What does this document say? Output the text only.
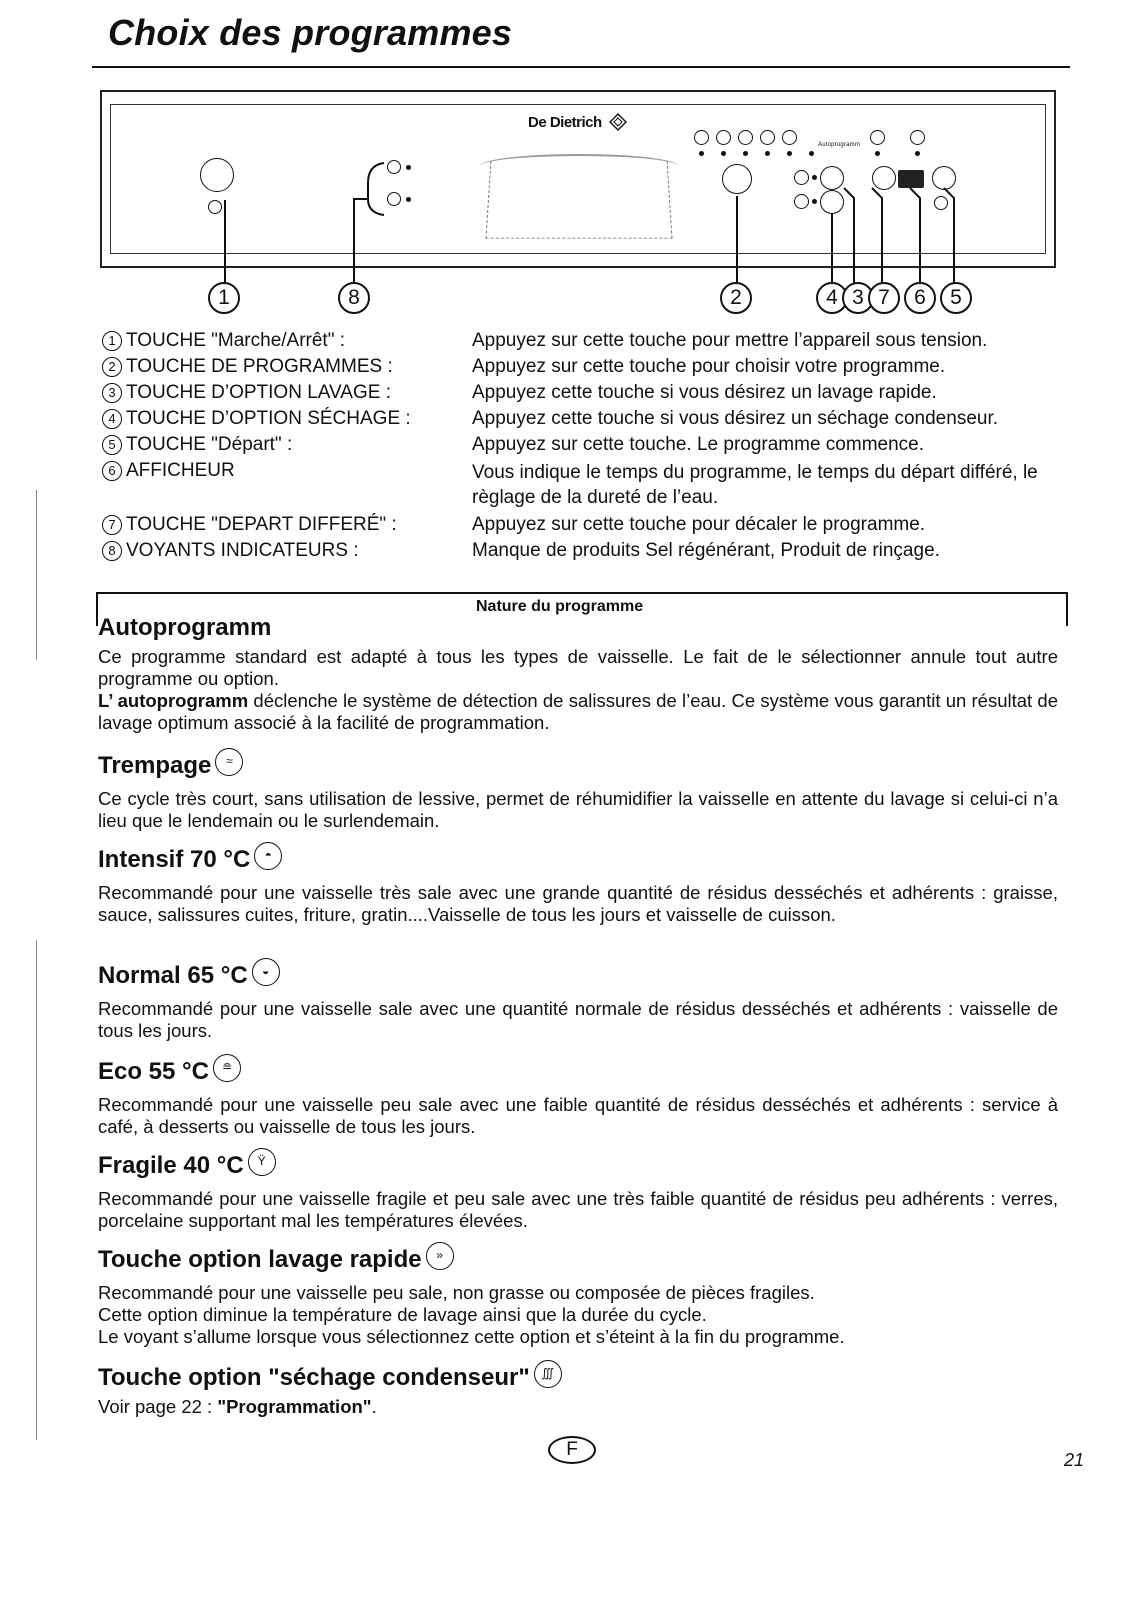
Choix des programmes
De Dietrich
Autoprogramm
1	8	2	4 3 7	6	5
1 TOUCHE "Marche/Arrêt" :	Appuyez sur cette touche pour mettre l’appareil sous tension.
2 TOUCHE DE PROGRAMMES :	Appuyez sur cette touche pour choisir votre programme.
3 TOUCHE D’OPTION LAVAGE :	Appuyez cette touche si vous désirez un lavage rapide.
4 TOUCHE D’OPTION SÉCHAGE :	Appuyez cette touche si vous désirez un séchage condenseur.
5 TOUCHE "Départ" :	Appuyez sur cette touche. Le programme commence.
6 AFFICHEUR	Vous indique le temps du programme, le temps du départ différé, le règlage de la dureté de l’eau.
7 TOUCHE "DEPART DIFFERÉ" :	Appuyez sur cette touche pour décaler le programme.
8 VOYANTS INDICATEURS :	Manque de produits Sel régénérant, Produit de rinçage.
Nature du programme
Autoprogramm
Ce programme standard est adapté à tous les types de vaisselle. Le fait de le sélectionner annule tout autre programme ou option.
L’ autoprogramm déclenche le système de détection de salissures de l’eau. Ce système vous garantit un résultat de lavage optimum associé à la facilité de programmation.
Trempage ≈
Ce cycle très court, sans utilisation de lessive, permet de réhumidifier la vaisselle en attente du lavage si celui-ci n’a lieu que le lendemain ou le surlendemain.
Intensif 70 °C ◓
Recommandé pour une vaisselle très sale avec une grande quantité de résidus desséchés et adhérents : graisse, sauce, salissures cuites, friture, gratin....Vaisselle de tous les jours et vaisselle de cuisson.
Normal 65 °C ◒
Recommandé pour une vaisselle sale avec une quantité normale de résidus desséchés et adhérents : vaisselle de tous les jours.
Eco 55 °C ≘
Recommandé pour une vaisselle peu sale avec une faible quantité de résidus desséchés et adhérents : service à café, à desserts ou vaisselle de tous les jours.
Fragile 40 °C Ϋ
Recommandé pour une vaisselle fragile et peu sale avec une très faible quantité de résidus peu adhérents : verres, porcelaine supportant mal les températures élevées.
Touche option lavage rapide »
Recommandé pour une vaisselle peu sale, non grasse ou composée de pièces fragiles.
Cette option diminue la température de lavage ainsi que la durée du cycle.
Le voyant s’allume lorsque vous sélectionnez cette option et s’éteint à la fin du programme.
Touche option "séchage condenseur" ∭
Voir page 22 : "Programmation".
F	21
